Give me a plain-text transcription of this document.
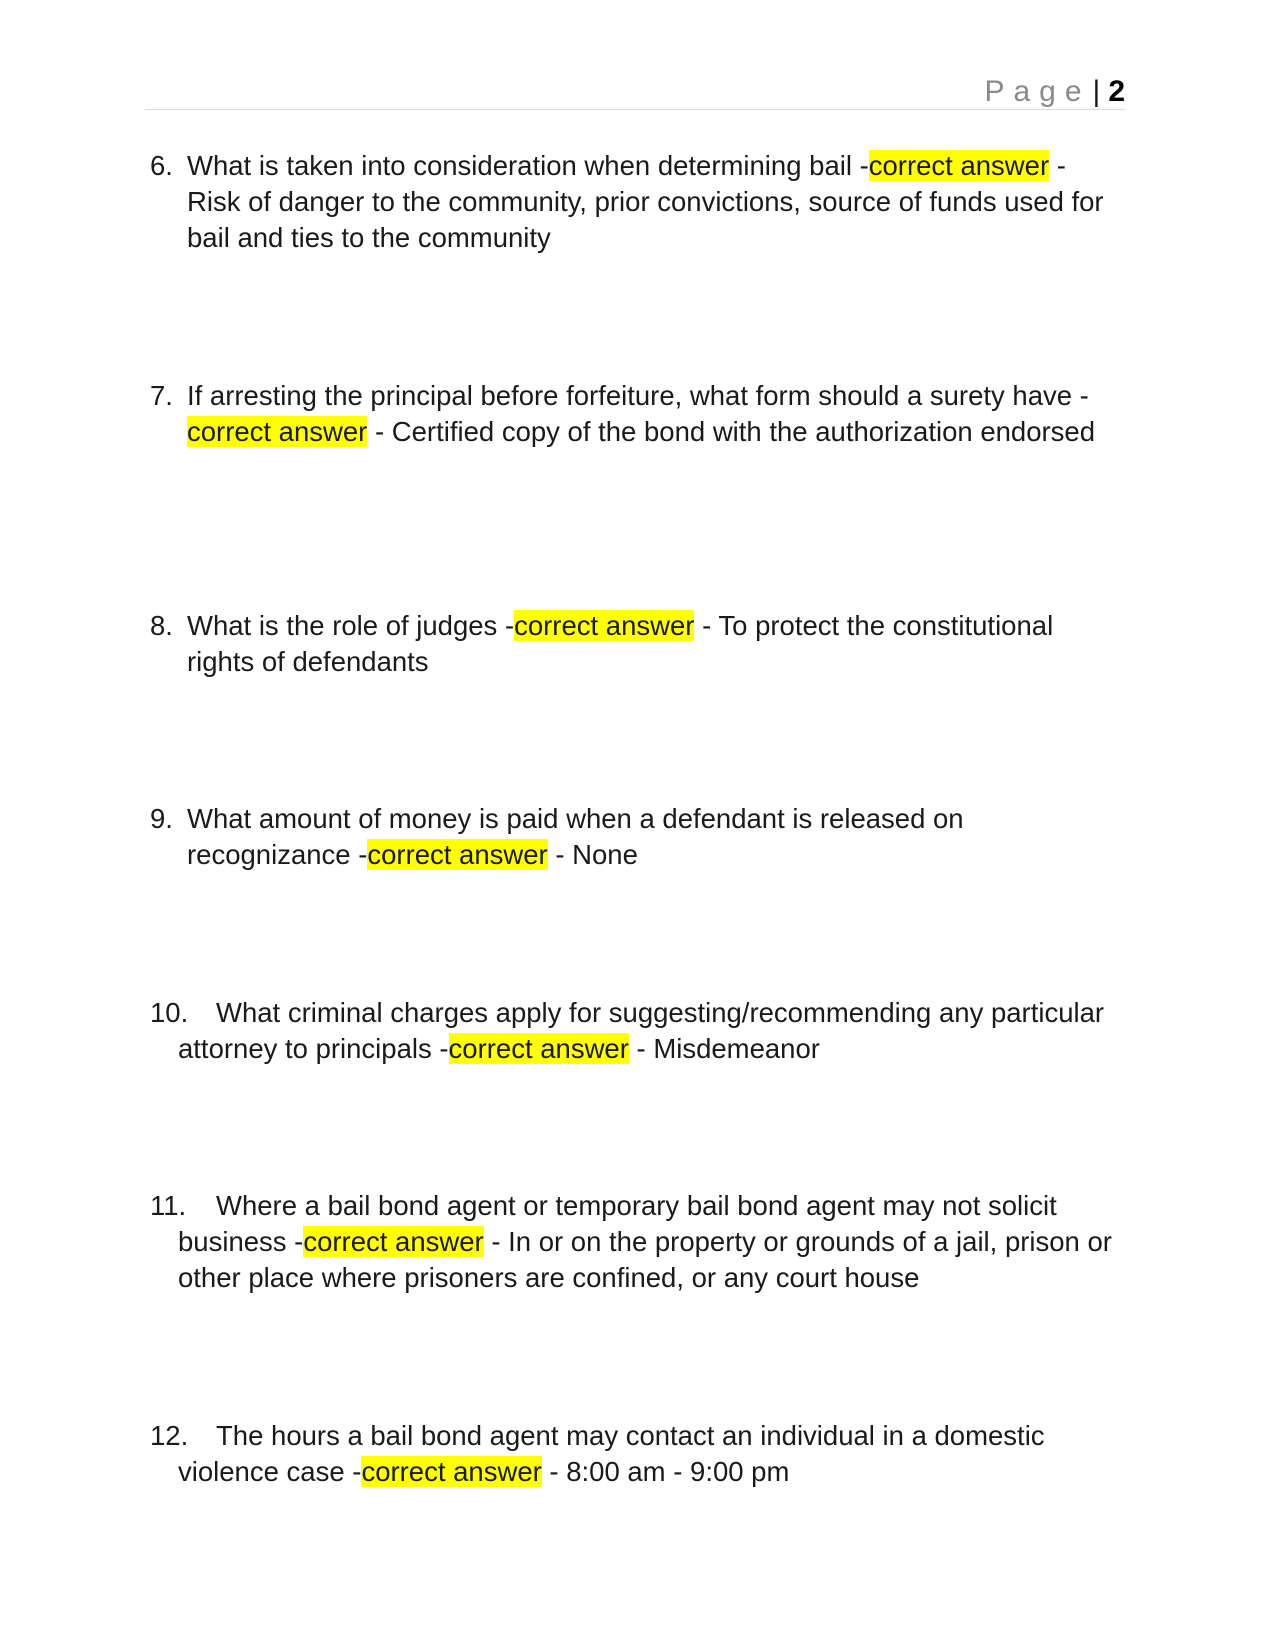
Page| 2
6. What is taken into consideration when determining bail -correct answer - Risk of danger to the community, prior convictions, source of funds used for bail and ties to the community
7. If arresting the principal before forfeiture, what form should a surety have -correct answer - Certified copy of the bond with the authorization endorsed
8. What is the role of judges -correct answer - To protect the constitutional rights of defendants
9. What amount of money is paid when a defendant is released on recognizance -correct answer - None
10.	What criminal charges apply for suggesting/recommending any particular attorney to principals -correct answer - Misdemeanor
11.	Where a bail bond agent or temporary bail bond agent may not solicit business -correct answer - In or on the property or grounds of a jail, prison or other place where prisoners are confined, or any court house
12.	The hours a bail bond agent may contact an individual in a domestic violence case -correct answer - 8:00 am - 9:00 pm
